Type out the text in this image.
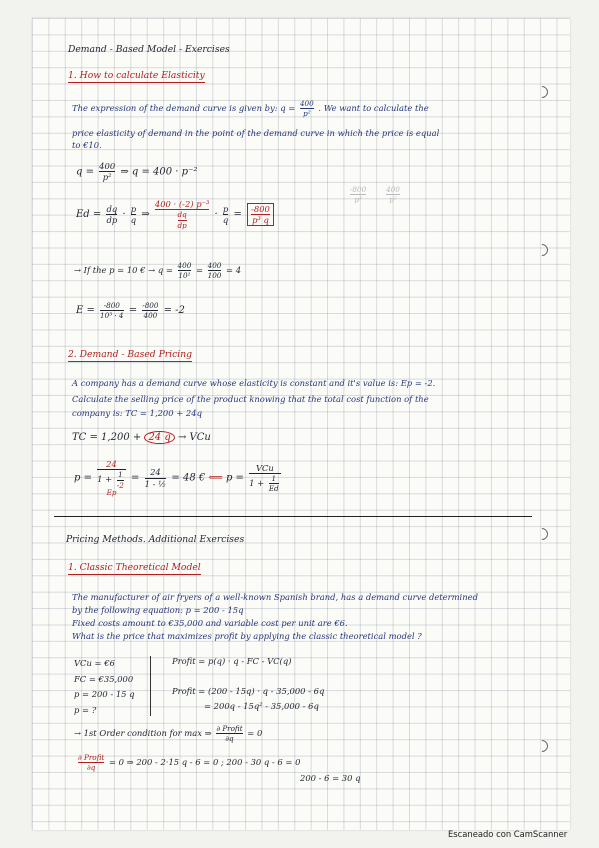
Demand - Based Model - Exercises
1. How to calculate Elasticity
The expression of the demand curve is given by: $q = \frac{400}{\text{p²}}$ . We want to calculate the
price elasticity of demand in the point of the demand curve in which the price is equal
to €10.
$q = \frac{400}{\text{p²}}$ ⇒ q = 400 · p⁻²
$Ed = \frac{dq}{dp} \cdot \frac{p}{q}$ ⇒ $\frac{\text{400 · (-2) p⁻³}}{\frac{dq}{dp}} \cdot \frac{p}{q} = \frac{-800}{\text{p³ q}}$
$\frac{-800}{\text{p³}}$
	$\frac{400}{\text{p²}}$
→ If the p = 10 € → $q = \frac{400}{\text{10²}} = \frac{400}{100} = 4$
$E = \frac{-800}{\text{10³ · 4}} = \frac{-800}{400} = -2$
2. Demand - Based Pricing
A company has a demand curve whose elasticity is constant and it's value is: Ep = -2.
Calculate the selling price of the product knowing that the total cost function of the
company is: TC = 1,200 + 24q
TC = 1,200 + 24 q → VCu
p =
24
$1 + \frac{1}{-2}$
Ep
= $\frac{24}{\text{1 - ½}} = 48$ € ⟸ $p = \frac{\text{VCu}}{1 + \frac{1}{Ed}}$
Pricing Methods. Additional Exercises
1. Classic Theoretical Model
The manufacturer of air fryers of a well-known Spanish brand, has a demand curve determined
by the following equation: p = 200 - 15q
Fixed costs amount to €35,000 and variable cost per unit are €6.
What is the price that maximizes profit by applying the classic theoretical model ?
VCu = €6
FC = €35,000
p = 200 - 15 q
p = ?
Profit = p(q) · q - FC - VC(q)
Profit = (200 - 15q) · q - 35,000 - 6q
= 200q - 15q² - 35,000 - 6q
→ 1st Order condition for max ⇒ $\frac{\text{∂ Profit}}{\partial q} = 0$
$\frac{\text{∂ Profit}}{\partial q} = 0$ ⇒ 200 - 2·15 q - 6 = 0 ; 200 - 30 q - 6 = 0
200 - 6 = 30 q
Escaneado con CamScanner
